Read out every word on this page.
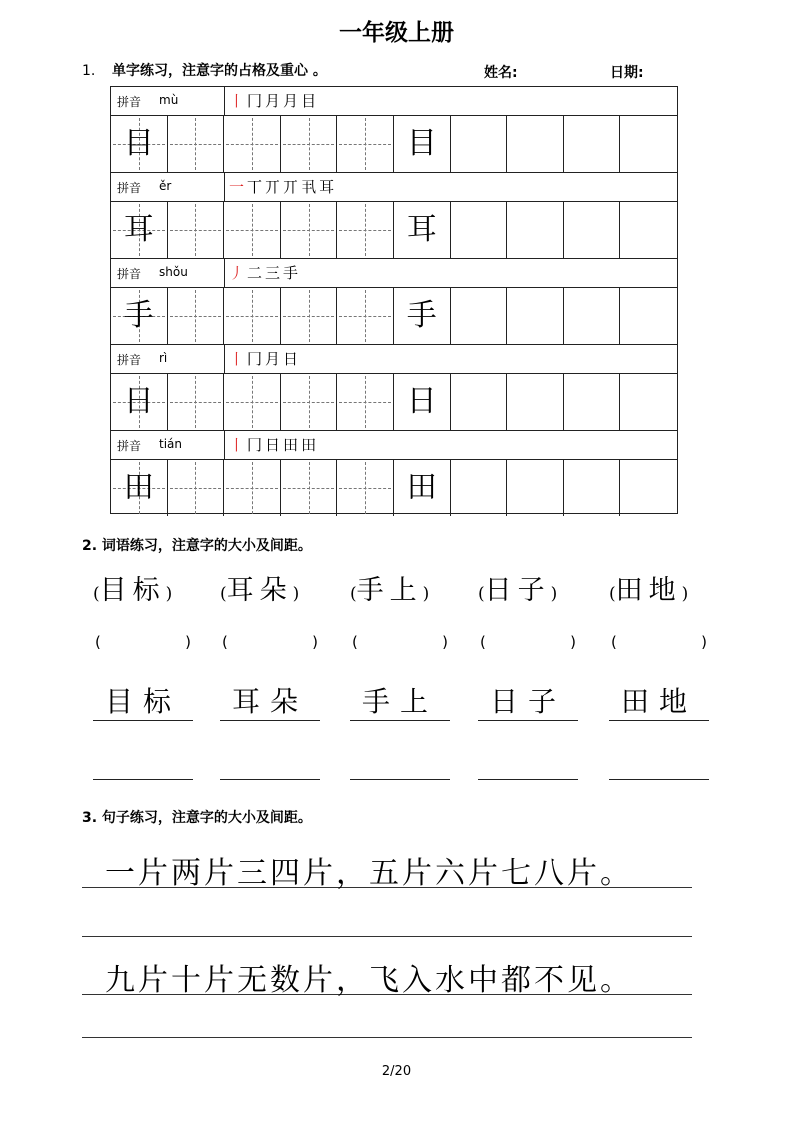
一年级上册
1. 单字练习，注意字的占格及重心 。	姓名:	日期:
拼音 mù	丨冂月月目
目	目
拼音 ěr	一丅丌丌丮耳
耳	耳
拼音 shǒu	丿二三手
手	手
拼音 rì	丨冂月日
日	日
拼音 tián	丨冂日田田
田	田
2. 词语练习，注意字的大小及间距。
(目标)
(	)
目标
(耳朵)
(	)
耳朵
(手上)
(	)
手上
(日子)
(	)
日子
(田地)
(	)
田地
3. 句子练习，注意字的大小及间距。
一片两片三四片，五片六片七八片。
九片十片无数片，飞入水中都不见。
2/20
